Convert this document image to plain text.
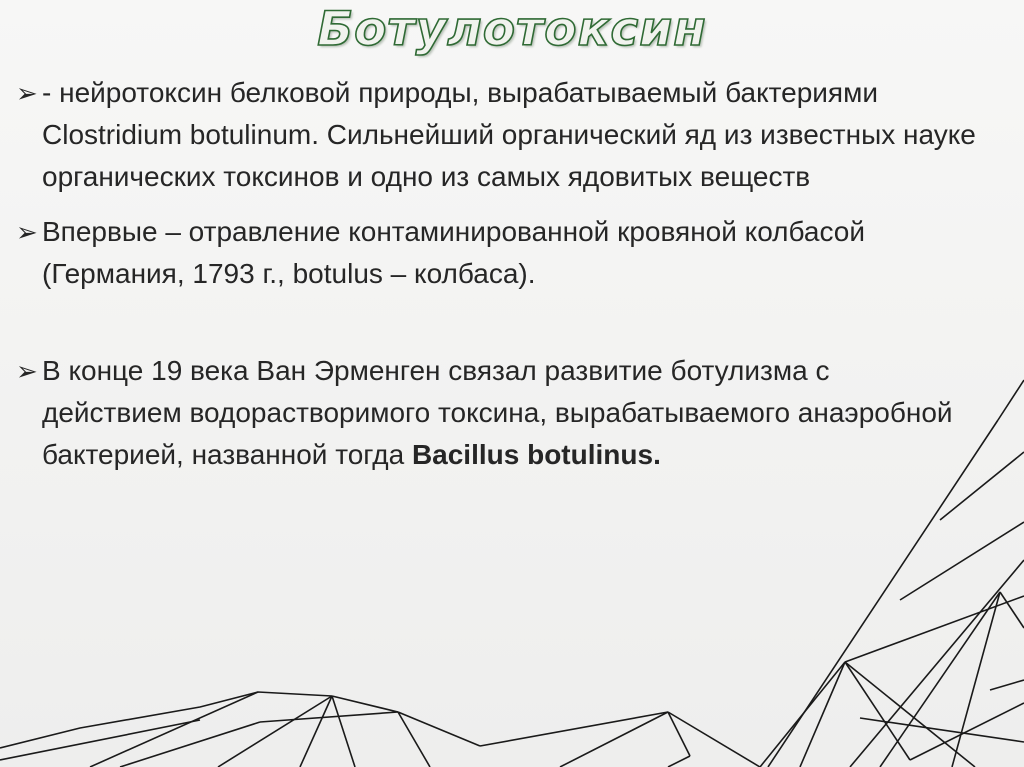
Ботулотоксин
➢ - нейротоксин белковой природы, вырабатываемый бактериями Clostridium botulinum. Сильнейший органический яд из известных науке органических токсинов и одно из самых ядовитых веществ
➢ Впервые – отравление контаминированной кровяной колбасой (Германия, 1793 г., botulus – колбаса).
➢ В конце 19 века Ван Эрменген связал развитие ботулизма с действием водорастворимого токсина, вырабатываемого анаэробной бактерией, названной тогда Bacillus botulinus.
